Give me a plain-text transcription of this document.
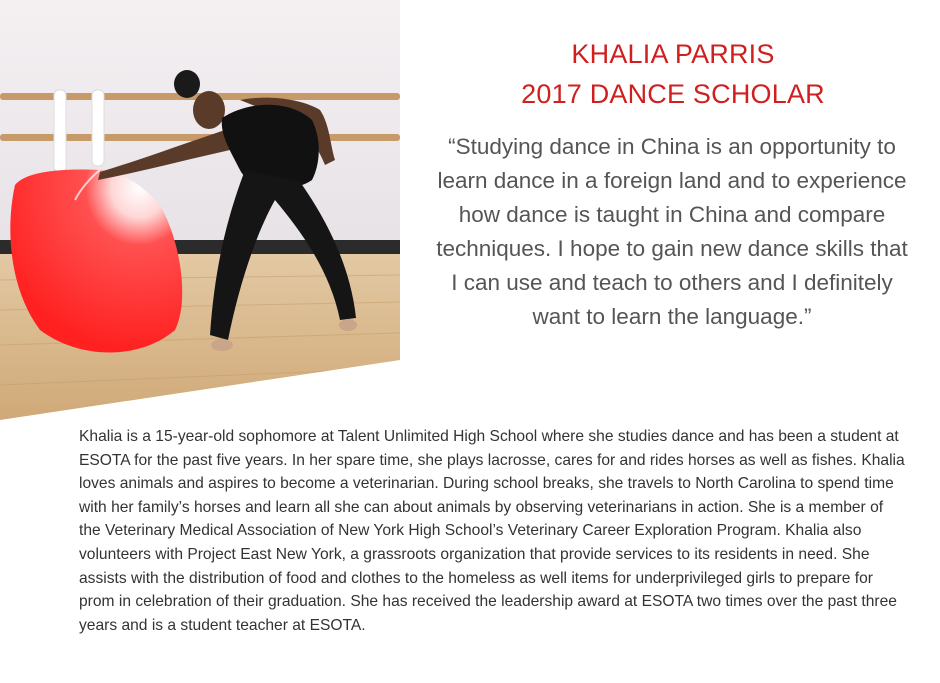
KHALIA PARRIS
2017 DANCE SCHOLAR
“Studying dance in China is an opportunity to learn dance in a foreign land and to experience how dance is taught in China and compare techniques. I hope to gain new dance skills that I can use and teach to others and I definitely want to learn the language.”
Khalia is a 15-year-old sophomore at Talent Unlimited High School where she studies dance and has been a student at ESOTA for the past five years. In her spare time, she plays lacrosse, cares for and rides horses as well as fishes. Khalia loves animals and aspires to become a veterinarian. During school breaks, she travels to North Carolina to spend time with her family’s horses and learn all she can about animals by observing veterinarians in action. She is a member of the Veterinary Medical Association of New York High School’s Veterinary Career Exploration Program. Khalia also volunteers with Project East New York, a grassroots organization that provide services to its residents in need. She assists with the distribution of food and clothes to the homeless as well items for underprivileged girls to prepare for prom in celebration of their graduation. She has received the leadership award at ESOTA two times over the past three years and is a student teacher at ESOTA.
